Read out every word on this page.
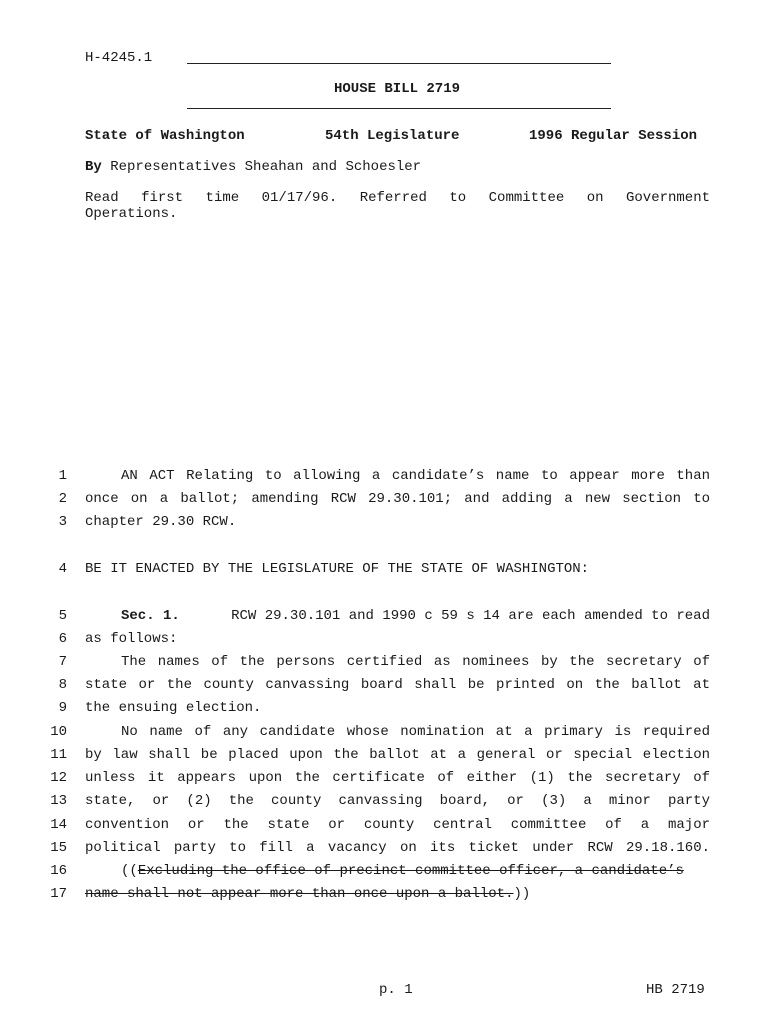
H-4245.1
HOUSE BILL 2719
State of Washington	54th Legislature	1996 Regular Session
By Representatives Sheahan and Schoesler
Read first time 01/17/96. Referred to Committee on Government
Operations.
1	AN ACT Relating to allowing a candidate’s name to appear more than
2 once on a ballot; amending RCW 29.30.101; and adding a new section to
3 chapter 29.30 RCW.
4 BE IT ENACTED BY THE LEGISLATURE OF THE STATE OF WASHINGTON:
5	Sec. 1.	RCW 29.30.101 and 1990 c 59 s 14 are each amended to read
6 as follows:
7	The names of the persons certified as nominees by the secretary of
8 state or the county canvassing board shall be printed on the ballot at
9 the ensuing election.
10	No name of any candidate whose nomination at a primary is required
11 by law shall be placed upon the ballot at a general or special election
12 unless it appears upon the certificate of either (1) the secretary of
13 state, or (2) the county canvassing board, or (3) a minor party
14 convention or the state or county central committee of a major
15 political party to fill a vacancy on its ticket under RCW 29.18.160.
16	((Excluding the office of precinct committee officer, a candidate’s
17 name shall not appear more than once upon a ballot.))
p. 1	HB 2719
